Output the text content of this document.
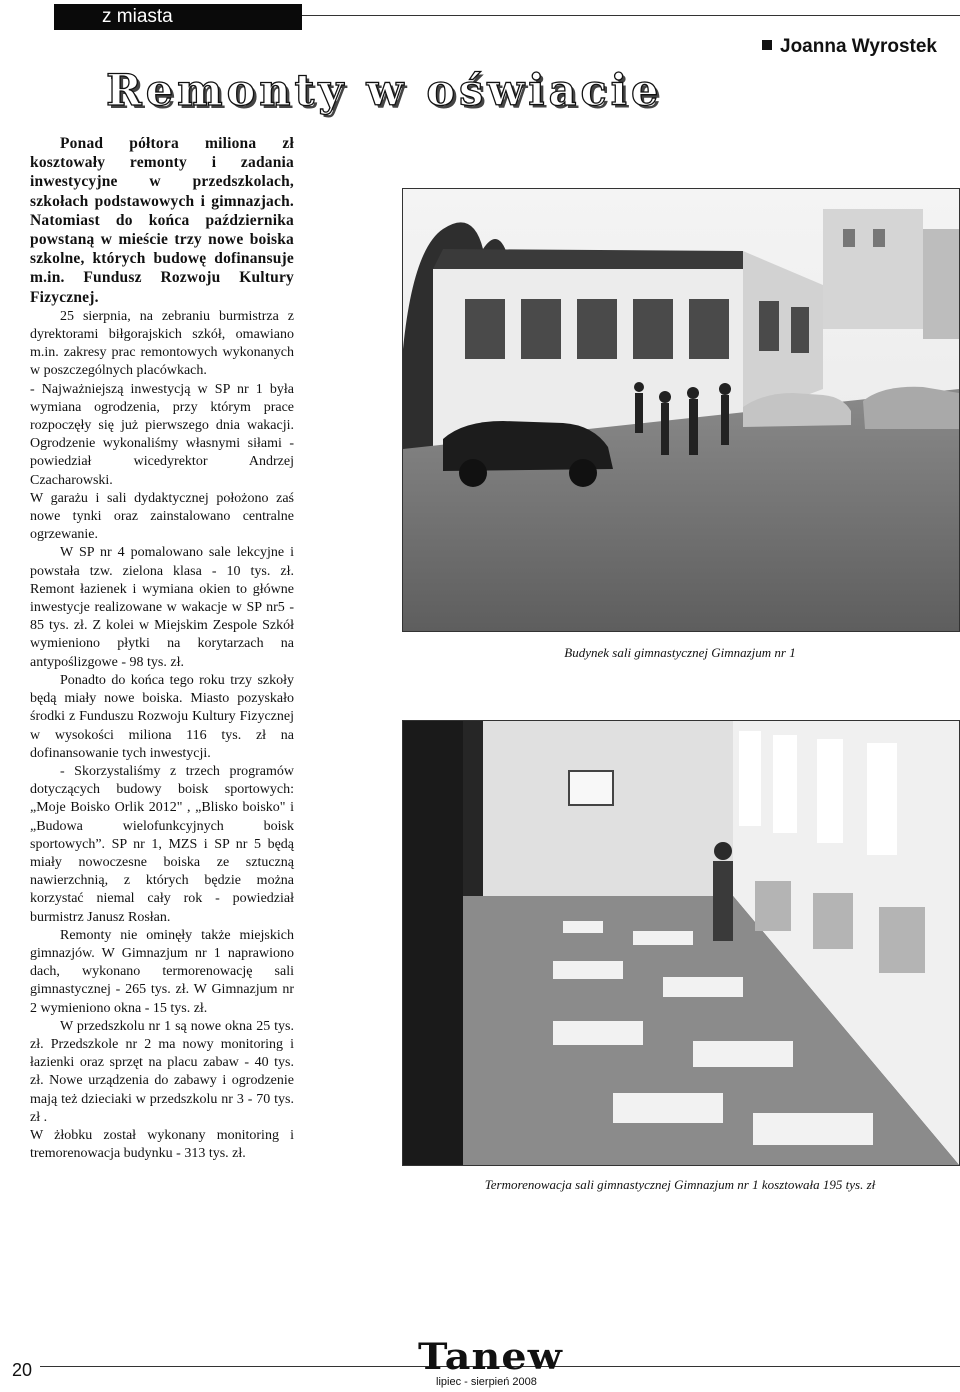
z miasta
Joanna Wyrostek
Remonty w oświacie

Ponad półtora miliona zł kosztowały remonty i zadania inwestycyjne w przedszkolach, szkołach podstawowych i gimnazjach. Natomiast do końca października powstaną w mieście trzy nowe boiska szkolne, których budowę dofinansuje m.in. Fundusz Rozwoju Kultury Fizycznej.

25 sierpnia, na zebraniu burmistrza z dyrektorami biłgorajskich szkół, omawiano m.in. zakresy prac remontowych wykonanych w poszczególnych placówkach.

- Najważniejszą inwestycją w SP nr 1 była wymiana ogrodzenia, przy którym prace rozpoczęły się już pierwszego dnia wakacji. Ogrodzenie wykonaliśmy własnymi siłami - powiedział wicedyrektor Andrzej Czacharowski.

W garażu i sali dydaktycznej położono zaś nowe tynki oraz zainstalowano centralne ogrzewanie.

W SP nr 4 pomalowano sale lekcyjne i powstała tzw. zielona klasa - 10 tys. zł. Remont łazienek i wymiana okien to główne inwestycje realizowane w wakacje w SP nr5 - 85 tys. zł. Z kolei w Miejskim Zespole Szkół wymieniono płytki na korytarzach na antypoślizgowe - 98 tys. zł.

Ponadto do końca tego roku trzy szkoły będą miały nowe boiska. Miasto pozyskało środki z Funduszu Rozwoju Kultury Fizycznej w wysokości miliona 116 tys. zł na dofinansowanie tych inwestycji.

- Skorzystaliśmy z trzech programów dotyczących budowy boisk sportowych: „Moje Boisko Orlik 2012" , „Blisko boisko" i „Budowa wielofunkcyjnych boisk sportowych”. SP nr 1, MZS i SP nr 5 będą miały nowoczesne boiska ze sztuczną nawierzchnią, z których będzie można korzystać niemal cały rok - powiedział burmistrz Janusz Rosłan.

Remonty nie ominęły także miejskich gimnazjów. W Gimnazjum nr 1 naprawiono dach, wykonano termorenowację sali gimnastycznej - 265 tys. zł. W Gimnazjum nr 2 wymieniono okna - 15 tys. zł.

W przedszkolu nr 1 są nowe okna 25 tys. zł. Przedszkole nr 2 ma nowy monitoring i łazienki oraz sprzęt na placu zabaw - 40 tys. zł. Nowe urządzenia do zabawy i ogrodzenie mają też dzieciaki w przedszkolu nr 3 - 70 tys. zł .

W żłobku został wykonany monitoring i tremorenowacja budynku - 313 tys. zł.

Budynek sali gimnastycznej Gimnazjum nr 1
Termorenowacja sali gimnastycznej Gimnazjum nr 1 kosztowała 195 tys. zł
20	Tanew
lipiec - sierpień 2008
